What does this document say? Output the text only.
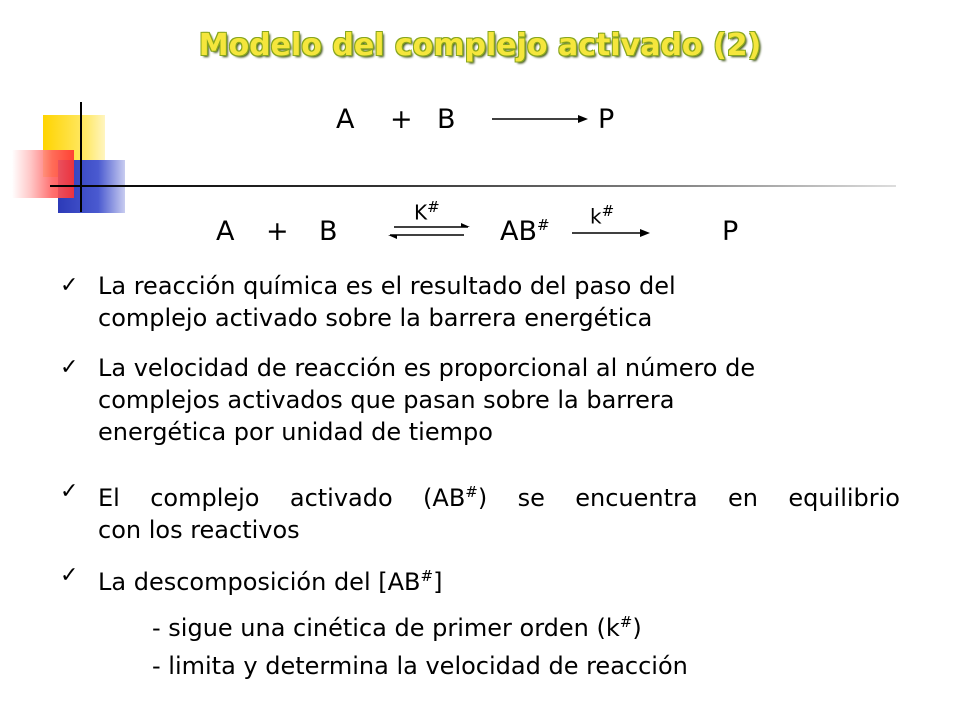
Modelo del complejo activado (2)
A + B	P
A + B
K#
AB# k#
P
✓ La reacción química es el resultado del paso del
complejo activado sobre la barrera energética
✓ La velocidad de reacción es proporcional al número de
complejos activados que pasan sobre la barrera
energética por unidad de tiempo
✓ El complejo activado (AB#) se encuentra en equilibrio
con los reactivos
✓ La descomposición del [AB#]
- sigue una cinética de primer orden (k#)
- limita y determina la velocidad de reacción
